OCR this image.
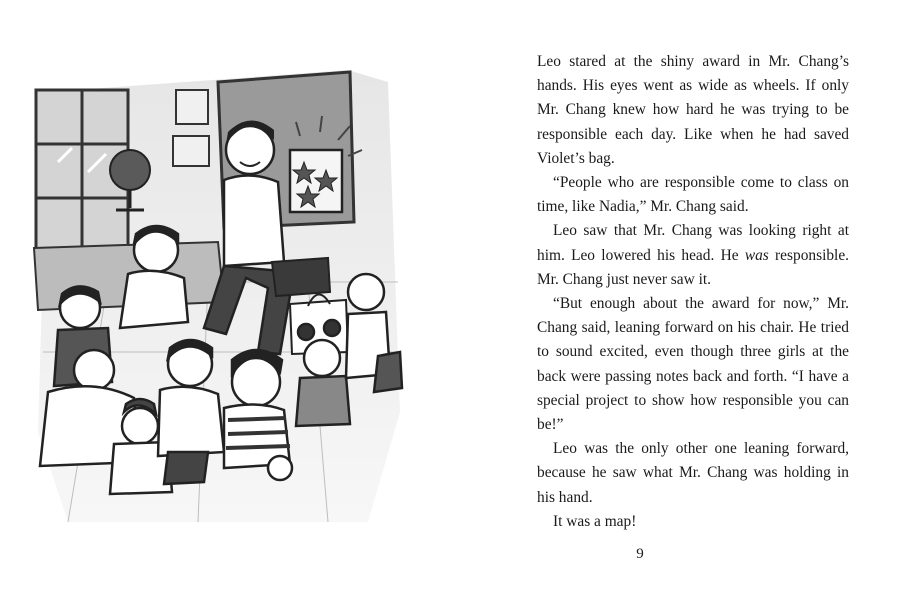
Leo stared at the shiny award in Mr. Chang’s hands. His eyes went as wide as wheels. If only Mr. Chang knew how hard he was trying to be responsible each day. Like when he had saved Violet’s bag.

“People who are responsible come to class on time, like Nadia,” Mr. Chang said.

Leo saw that Mr. Chang was looking right at him. Leo lowered his head. He was responsible. Mr. Chang just never saw it.

“But enough about the award for now,” Mr. Chang said, leaning forward on his chair. He tried to sound excited, even though three girls at the back were passing notes back and forth. “I have a special project to show how responsible you can be!”

Leo was the only other one leaning forward, because he saw what Mr. Chang was holding in his hand.

It was a map!

9
